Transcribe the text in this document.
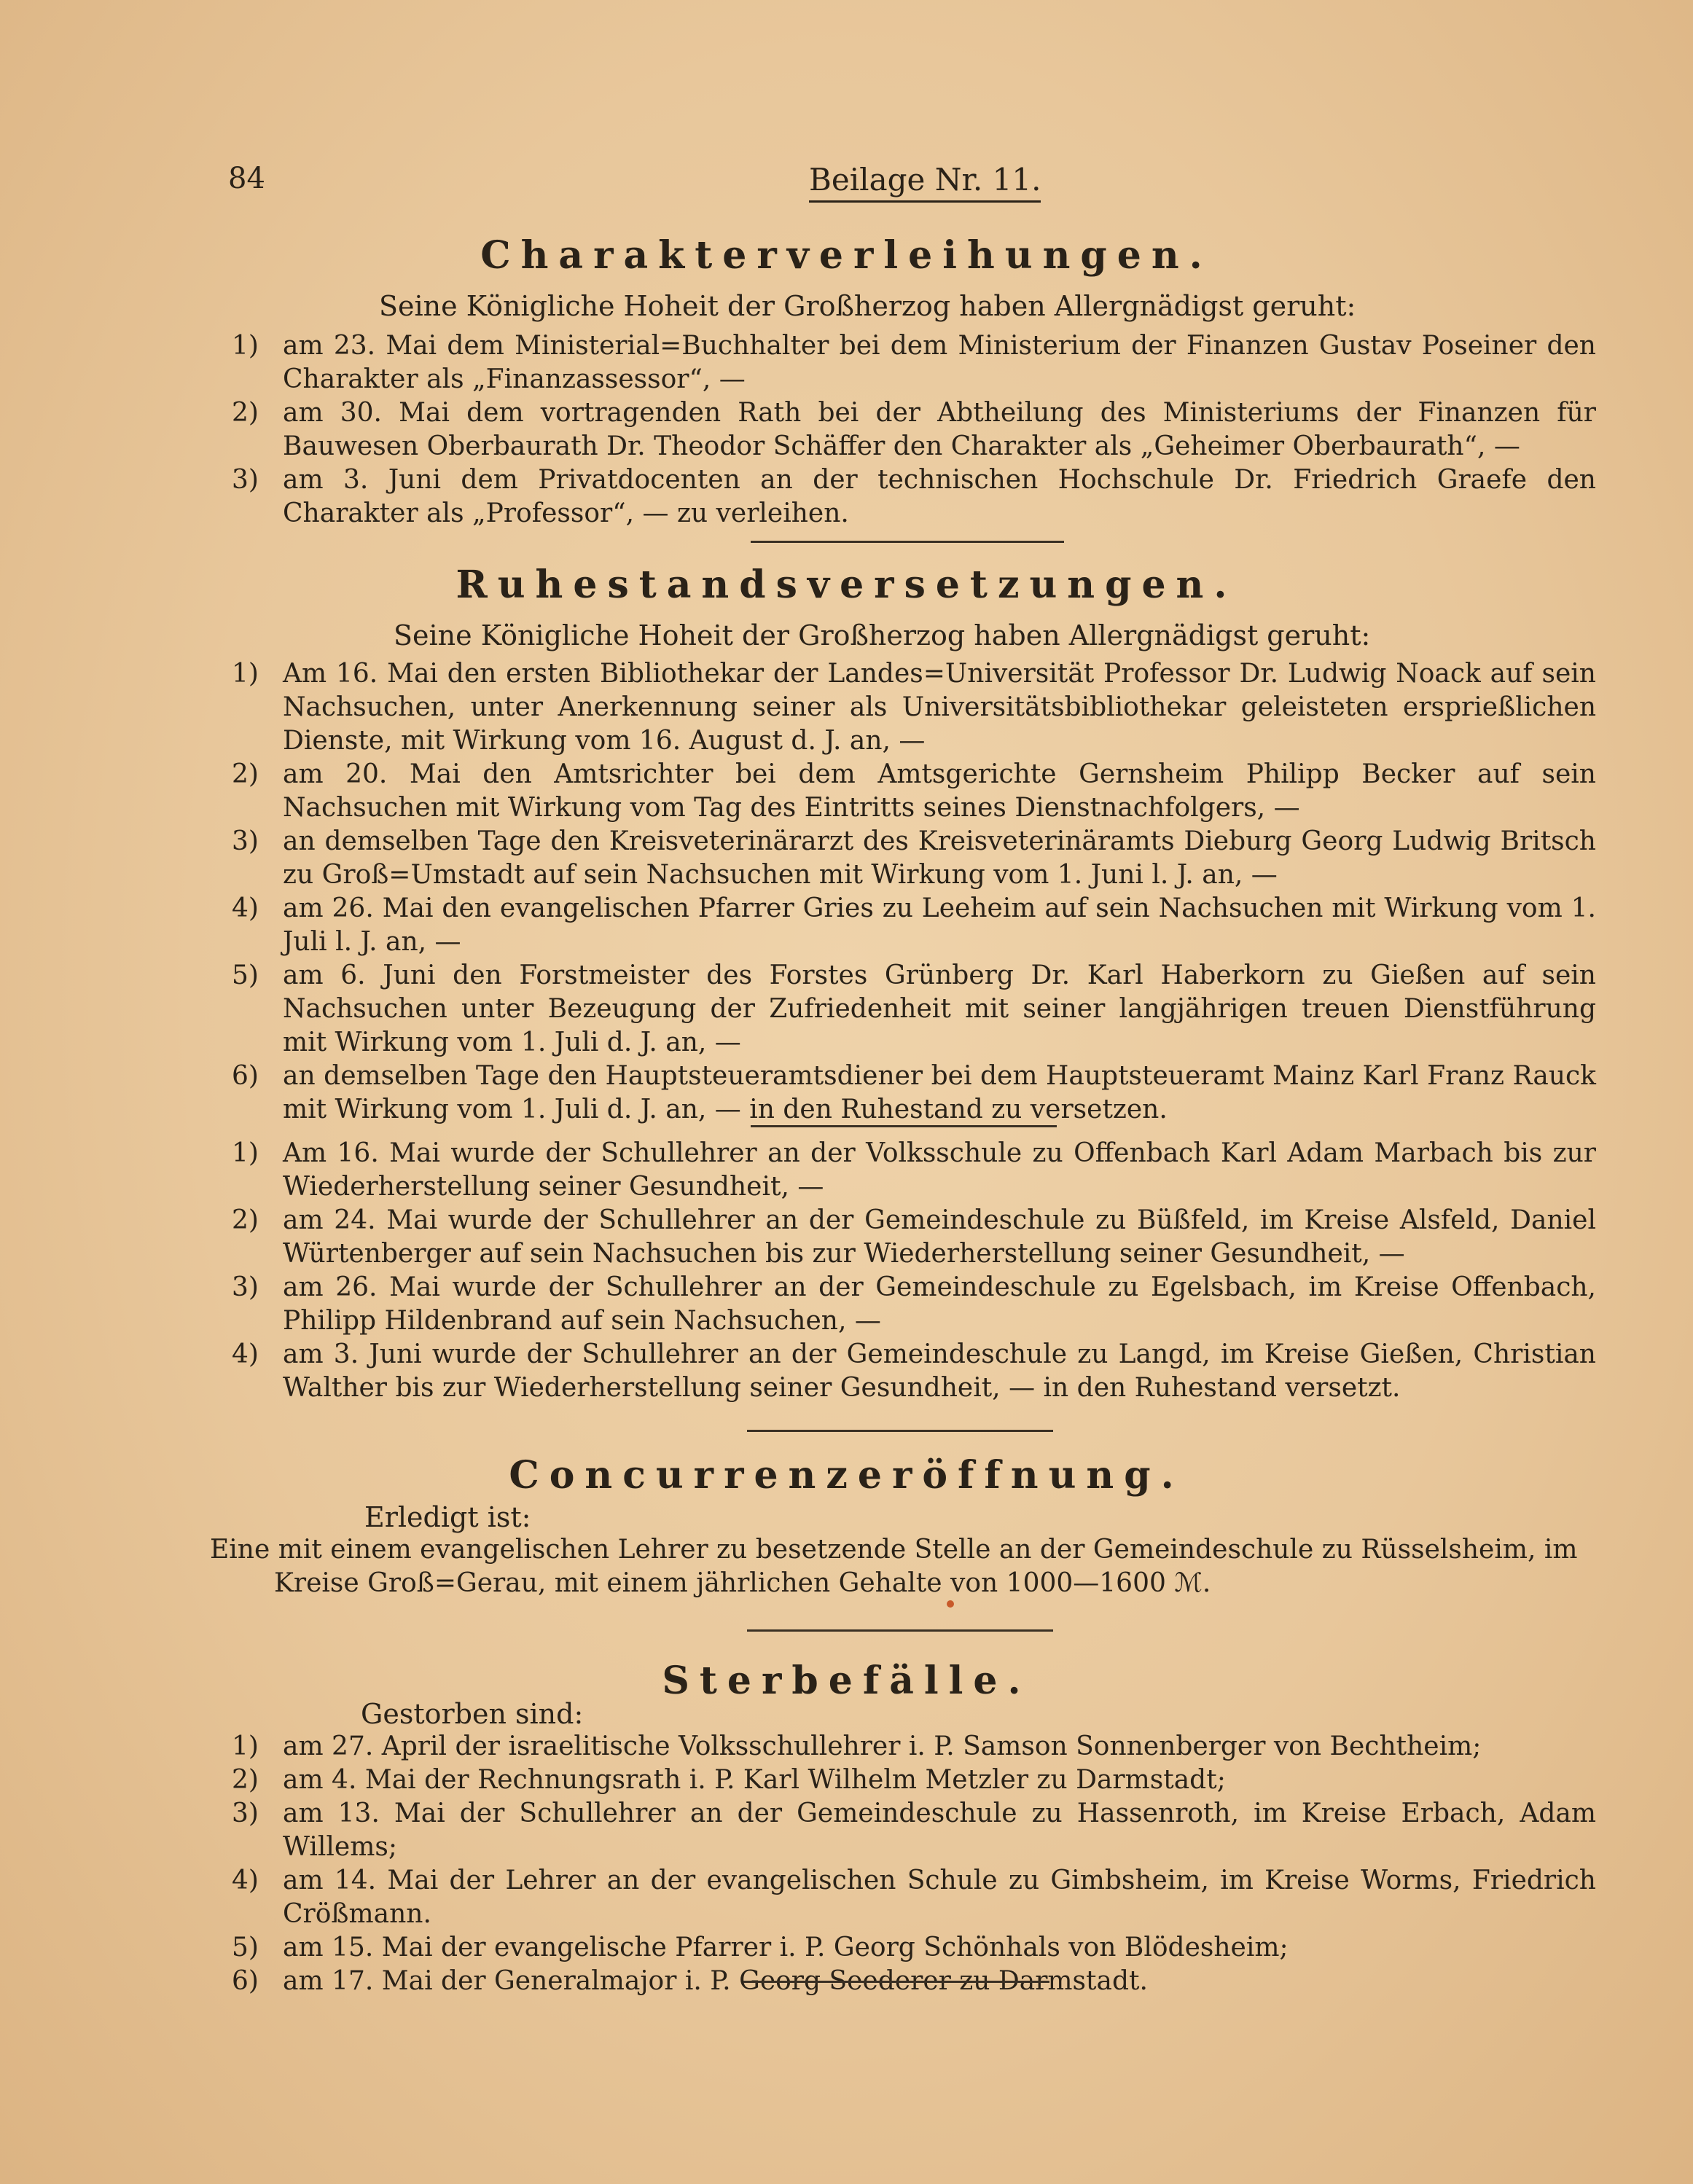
84	Beilage Nr. 11.
Charakterverleihungen.
Seine Königliche Hoheit der Großherzog haben Allergnädigst geruht:
1) am 23. Mai dem Ministerial=Buchhalter bei dem Ministerium der Finanzen Gustav Poseiner den Charakter als „Finanzassessor“, —
2) am 30. Mai dem vortragenden Rath bei der Abtheilung des Ministeriums der Finanzen für Bauwesen Oberbaurath Dr. Theodor Schäffer den Charakter als „Geheimer Oberbaurath“, —
3) am 3. Juni dem Privatdocenten an der technischen Hochschule Dr. Friedrich Graefe den Charakter als „Professor“, — zu verleihen.
Ruhestandsversetzungen.
Seine Königliche Hoheit der Großherzog haben Allergnädigst geruht:
1) Am 16. Mai den ersten Bibliothekar der Landes=Universität Professor Dr. Ludwig Noack auf sein Nachsuchen, unter Anerkennung seiner als Universitätsbibliothekar geleisteten ersprießlichen Dienste, mit Wirkung vom 16. August d. J. an, —
2) am 20. Mai den Amtsrichter bei dem Amtsgerichte Gernsheim Philipp Becker auf sein Nachsuchen mit Wirkung vom Tag des Eintritts seines Dienstnachfolgers, —
3) an demselben Tage den Kreisveterinärarzt des Kreisveterinäramts Dieburg Georg Ludwig Britsch zu Groß=Umstadt auf sein Nachsuchen mit Wirkung vom 1. Juni l. J. an, —
4) am 26. Mai den evangelischen Pfarrer Gries zu Leeheim auf sein Nachsuchen mit Wirkung vom 1. Juli l. J. an, —
5) am 6. Juni den Forstmeister des Forstes Grünberg Dr. Karl Haberkorn zu Gießen auf sein Nachsuchen unter Bezeugung der Zufriedenheit mit seiner langjährigen treuen Dienstführung mit Wirkung vom 1. Juli d. J. an, —
6) an demselben Tage den Hauptsteueramtsdiener bei dem Hauptsteueramt Mainz Karl Franz Rauck mit Wirkung vom 1. Juli d. J. an, — in den Ruhestand zu versetzen.
1) Am 16. Mai wurde der Schullehrer an der Volksschule zu Offenbach Karl Adam Marbach bis zur Wiederherstellung seiner Gesundheit, —
2) am 24. Mai wurde der Schullehrer an der Gemeindeschule zu Büßfeld, im Kreise Alsfeld, Daniel Würtenberger auf sein Nachsuchen bis zur Wiederherstellung seiner Gesundheit, —
3) am 26. Mai wurde der Schullehrer an der Gemeindeschule zu Egelsbach, im Kreise Offenbach, Philipp Hildenbrand auf sein Nachsuchen, —
4) am 3. Juni wurde der Schullehrer an der Gemeindeschule zu Langd, im Kreise Gießen, Christian Walther bis zur Wiederherstellung seiner Gesundheit, — in den Ruhestand versetzt.
Concurrenzeröffnung.
Erledigt ist:
Eine mit einem evangelischen Lehrer zu besetzende Stelle an der Gemeindeschule zu Rüsselsheim, im
Kreise Groß=Gerau, mit einem jährlichen Gehalte von 1000—1600 ℳ.
Sterbefälle.
Gestorben sind:
1) am 27. April der israelitische Volksschullehrer i. P. Samson Sonnenberger von Bechtheim;
2) am 4. Mai der Rechnungsrath i. P. Karl Wilhelm Metzler zu Darmstadt;
3) am 13. Mai der Schullehrer an der Gemeindeschule zu Hassenroth, im Kreise Erbach, Adam Willems;
4) am 14. Mai der Lehrer an der evangelischen Schule zu Gimbsheim, im Kreise Worms, Friedrich Crößmann.
5) am 15. Mai der evangelische Pfarrer i. P. Georg Schönhals von Blödesheim;
6) am 17. Mai der Generalmajor i. P. Georg Seederer zu Darmstadt.
